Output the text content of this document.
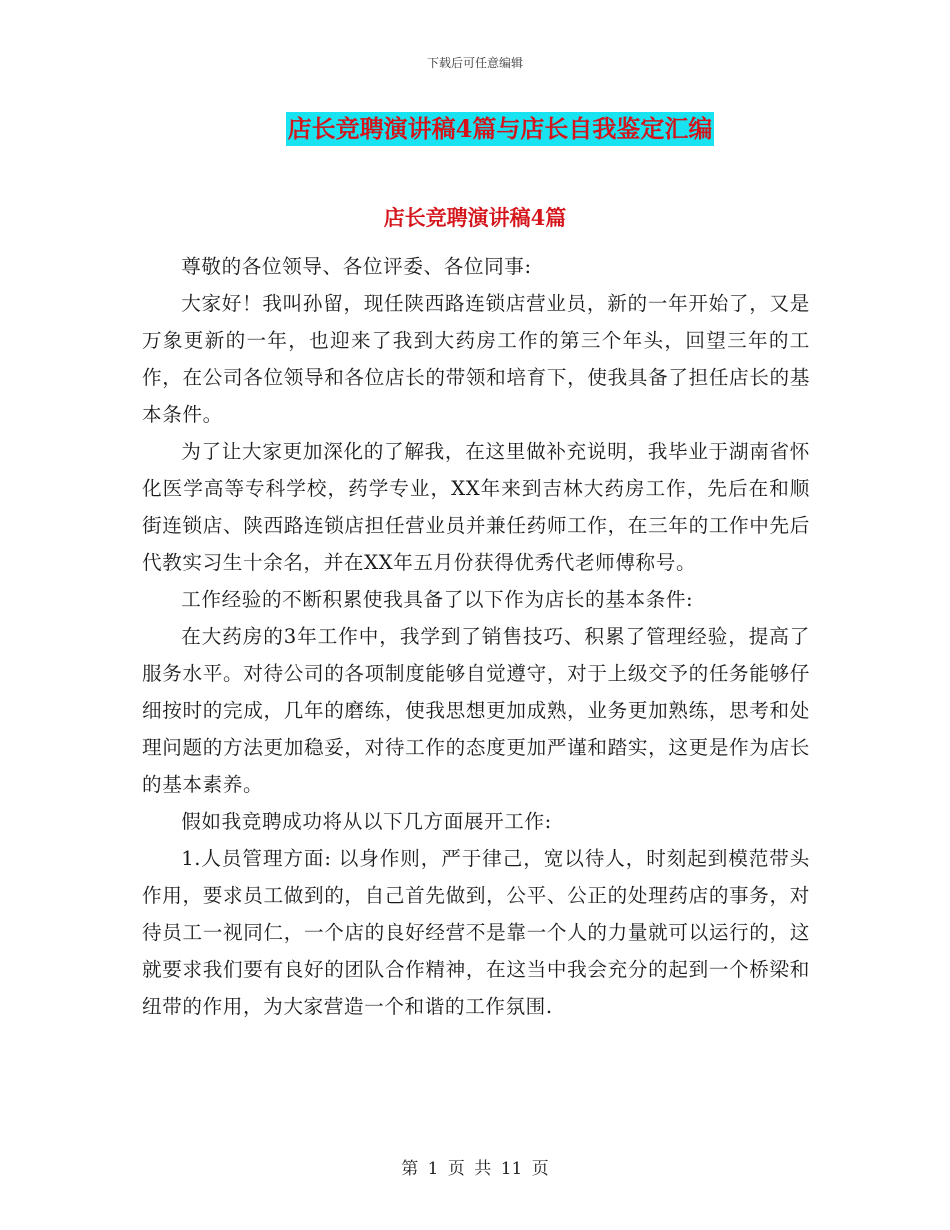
下载后可任意编辑
店长竞聘演讲稿4篇与店长自我鉴定汇编
店长竞聘演讲稿4篇

尊敬的各位领导、各位评委、各位同事:

大家好！我叫孙留，现任陕西路连锁店营业员，新的一年开始了，又是万象更新的一年，也迎来了我到大药房工作的第三个年头，回望三年的工作，在公司各位领导和各位店长的带领和培育下，使我具备了担任店长的基本条件。

为了让大家更加深化的了解我，在这里做补充说明，我毕业于湖南省怀化医学高等专科学校，药学专业，XX年来到吉林大药房工作，先后在和顺街连锁店、陕西路连锁店担任营业员并兼任药师工作，在三年的工作中先后代教实习生十余名，并在XX年五月份获得优秀代老师傅称号。

工作经验的不断积累使我具备了以下作为店长的基本条件:

在大药房的3年工作中，我学到了销售技巧、积累了管理经验，提高了服务水平。对待公司的各项制度能够自觉遵守，对于上级交予的任务能够仔细按时的完成，几年的磨练，使我思想更加成熟，业务更加熟练，思考和处理问题的方法更加稳妥，对待工作的态度更加严谨和踏实，这更是作为店长的基本素养。

假如我竞聘成功将从以下几方面展开工作:

1.人员管理方面: 以身作则，严于律己，宽以待人，时刻起到模范带头作用，要求员工做到的，自己首先做到，公平、公正的处理药店的事务，对待员工一视同仁，一个店的良好经营不是靠一个人的力量就可以运行的，这就要求我们要有良好的团队合作精神，在这当中我会充分的起到一个桥梁和纽带的作用，为大家营造一个和谐的工作氛围.

第 1 页 共 11 页
